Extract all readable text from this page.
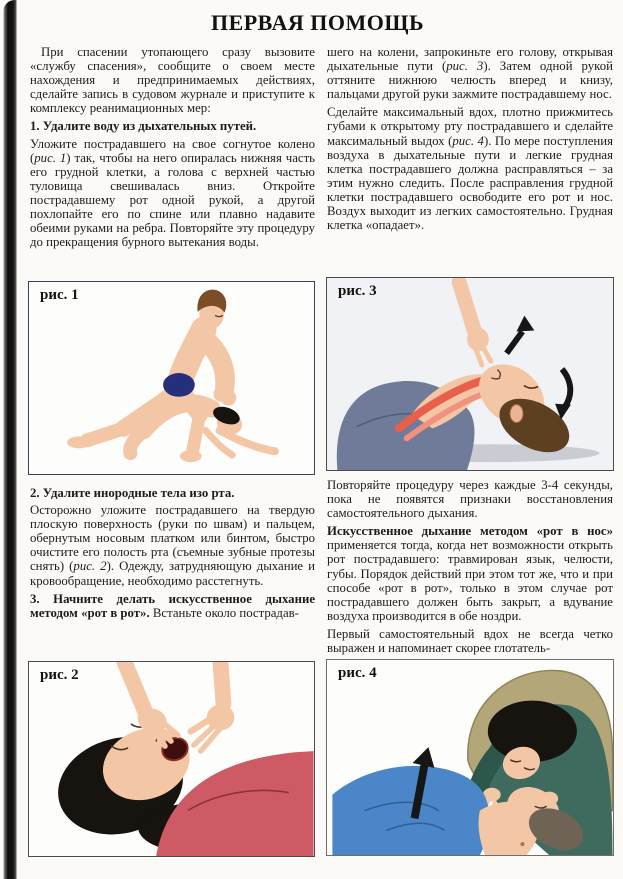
ПЕРВАЯ ПОМОЩЬ

При спасении утопающего сразу вызовите «службу спасения», сообщите о своем месте нахождения и предпринимаемых действиях, сделайте запись в судовом журнале и приступите к комплексу реанимационных мер:

1. Удалите воду из дыхательных путей.

Уложите пострадавшего на свое согнутое колено (рис. 1) так, чтобы на него опиралась нижняя часть его грудной клетки, а голова с верхней частью туловища свешивалась вниз. Откройте пострадавшему рот одной рукой, а другой похлопайте его по спине или плавно надавите обеими руками на ребра. Повторяйте эту процедуру до прекращения бурного вытекания воды.

рис. 1

2. Удалите инородные тела изо рта.

Осторожно уложите пострадавшего на твердую плоскую поверхность (руки по швам) и пальцем, обернутым носовым платком или бинтом, быстро очистите его полость рта (съемные зубные протезы снять) (рис. 2). Одежду, затрудняющую дыхание и кровообращение, необходимо расстегнуть.

3. Начните делать искусственное дыхание методом «рот в рот». Встаньте около пострадав-

рис. 2

шего на колени, запрокиньте его голову, открывая дыхательные пути (рис. 3). Затем одной рукой оттяните нижнюю челюсть вперед и книзу, пальцами другой руки зажмите пострадавшему нос.

Сделайте максимальный вдох, плотно прижмитесь губами к открытому рту пострадавшего и сделайте максимальный выдох (рис. 4). По мере поступления воздуха в дыхательные пути и легкие грудная клетка пострадавшего должна расправляться – за этим нужно следить. После расправления грудной клетки пострадавшего освободите его рот и нос. Воздух выходит из легких самостоятельно. Грудная клетка «опадает».

рис. 3

Повторяйте процедуру через каждые 3-4 секунды, пока не появятся признаки восстановления самостоятельного дыхания.

Искусственное дыхание методом «рот в нос» применяется тогда, когда нет возможности открыть рот пострадавшего: травмирован язык, челюсти, губы. Порядок действий при этом тот же, что и при способе «рот в рот», только в этом случае рот пострадавшего должен быть закрыт, а вдувание воздуха производится в обе ноздри.

Первый самостоятельный вдох не всегда четко выражен и напоминает скорее глотатель-

рис. 4
